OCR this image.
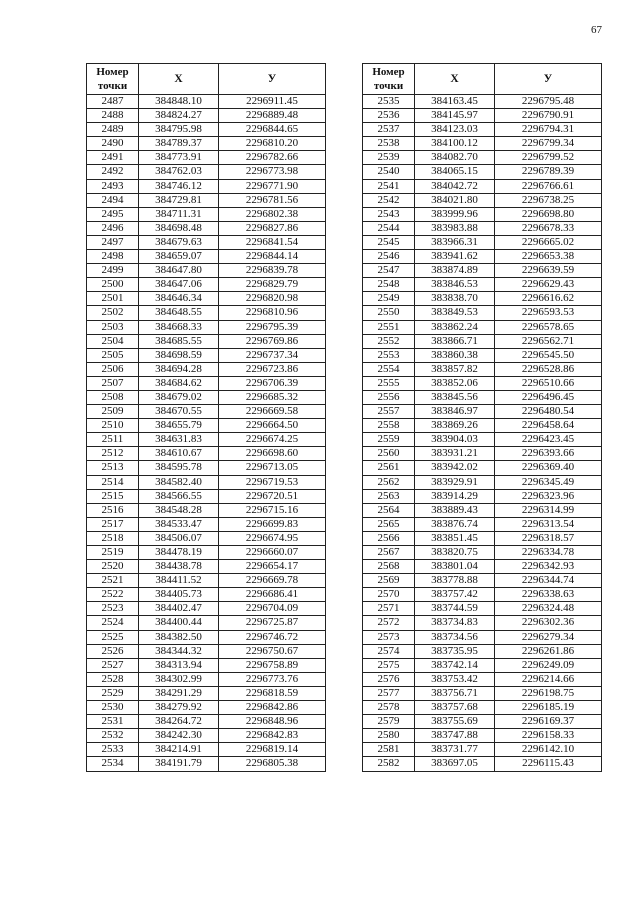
67
Номер точки	X	У
2487	384848.10	2296911.45
2488	384824.27	2296889.48
2489	384795.98	2296844.65
2490	384789.37	2296810.20
2491	384773.91	2296782.66
2492	384762.03	2296773.98
2493	384746.12	2296771.90
2494	384729.81	2296781.56
2495	384711.31	2296802.38
2496	384698.48	2296827.86
2497	384679.63	2296841.54
2498	384659.07	2296844.14
2499	384647.80	2296839.78
2500	384647.06	2296829.79
2501	384646.34	2296820.98
2502	384648.55	2296810.96
2503	384668.33	2296795.39
2504	384685.55	2296769.86
2505	384698.59	2296737.34
2506	384694.28	2296723.86
2507	384684.62	2296706.39
2508	384679.02	2296685.32
2509	384670.55	2296669.58
2510	384655.79	2296664.50
2511	384631.83	2296674.25
2512	384610.67	2296698.60
2513	384595.78	2296713.05
2514	384582.40	2296719.53
2515	384566.55	2296720.51
2516	384548.28	2296715.16
2517	384533.47	2296699.83
2518	384506.07	2296674.95
2519	384478.19	2296660.07
2520	384438.78	2296654.17
2521	384411.52	2296669.78
2522	384405.73	2296686.41
2523	384402.47	2296704.09
2524	384400.44	2296725.87
2525	384382.50	2296746.72
2526	384344.32	2296750.67
2527	384313.94	2296758.89
2528	384302.99	2296773.76
2529	384291.29	2296818.59
2530	384279.92	2296842.86
2531	384264.72	2296848.96
2532	384242.30	2296842.83
2533	384214.91	2296819.14
2534	384191.79	2296805.38
Номер точки	X	У
2535	384163.45	2296795.48
2536	384145.97	2296790.91
2537	384123.03	2296794.31
2538	384100.12	2296799.34
2539	384082.70	2296799.52
2540	384065.15	2296789.39
2541	384042.72	2296766.61
2542	384021.80	2296738.25
2543	383999.96	2296698.80
2544	383983.88	2296678.33
2545	383966.31	2296665.02
2546	383941.62	2296653.38
2547	383874.89	2296639.59
2548	383846.53	2296629.43
2549	383838.70	2296616.62
2550	383849.53	2296593.53
2551	383862.24	2296578.65
2552	383866.71	2296562.71
2553	383860.38	2296545.50
2554	383857.82	2296528.86
2555	383852.06	2296510.66
2556	383845.56	2296496.45
2557	383846.97	2296480.54
2558	383869.26	2296458.64
2559	383904.03	2296423.45
2560	383931.21	2296393.66
2561	383942.02	2296369.40
2562	383929.91	2296345.49
2563	383914.29	2296323.96
2564	383889.43	2296314.99
2565	383876.74	2296313.54
2566	383851.45	2296318.57
2567	383820.75	2296334.78
2568	383801.04	2296342.93
2569	383778.88	2296344.74
2570	383757.42	2296338.63
2571	383744.59	2296324.48
2572	383734.83	2296302.36
2573	383734.56	2296279.34
2574	383735.95	2296261.86
2575	383742.14	2296249.09
2576	383753.42	2296214.66
2577	383756.71	2296198.75
2578	383757.68	2296185.19
2579	383755.69	2296169.37
2580	383747.88	2296158.33
2581	383731.77	2296142.10
2582	383697.05	2296115.43
